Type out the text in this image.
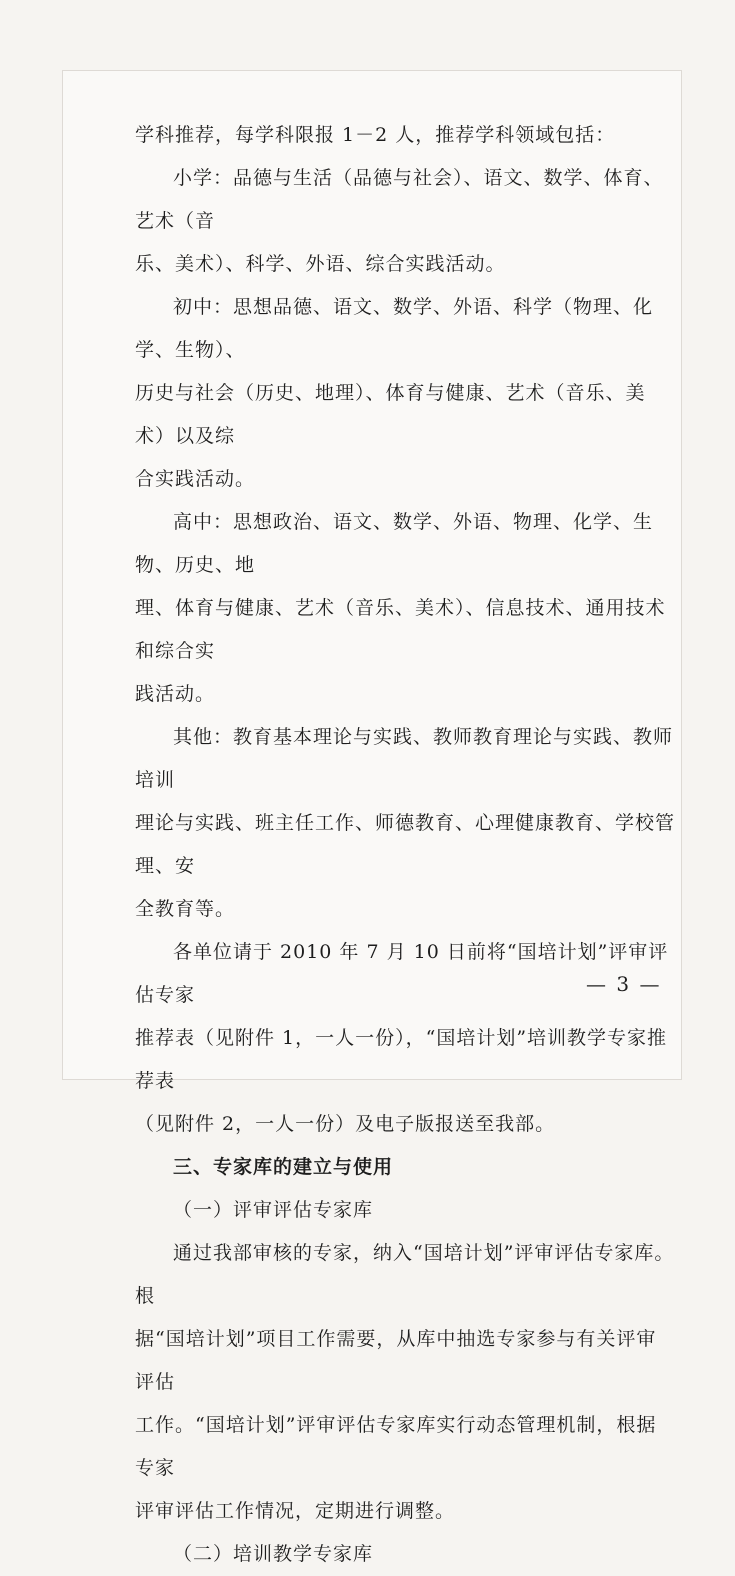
学科推荐，每学科限报 1－2 人，推荐学科领域包括：

小学：品德与生活（品德与社会）、语文、数学、体育、艺术（音

乐、美术）、科学、外语、综合实践活动。

初中：思想品德、语文、数学、外语、科学（物理、化学、生物）、

历史与社会（历史、地理）、体育与健康、艺术（音乐、美术）以及综

合实践活动。

高中：思想政治、语文、数学、外语、物理、化学、生物、历史、地

理、体育与健康、艺术（音乐、美术）、信息技术、通用技术和综合实

践活动。

其他：教育基本理论与实践、教师教育理论与实践、教师培训

理论与实践、班主任工作、师德教育、心理健康教育、学校管理、安

全教育等。

各单位请于 2010 年 7 月 10 日前将“国培计划”评审评估专家

推荐表（见附件 1，一人一份），“国培计划”培训教学专家推荐表

（见附件 2，一人一份）及电子版报送至我部。

三、专家库的建立与使用

（一）评审评估专家库

通过我部审核的专家，纳入“国培计划”评审评估专家库。根

据“国培计划”项目工作需要，从库中抽选专家参与有关评审评估

工作。“国培计划”评审评估专家库实行动态管理机制，根据专家

评审评估工作情况，定期进行调整。

（二）培训教学专家库

— 3 —
